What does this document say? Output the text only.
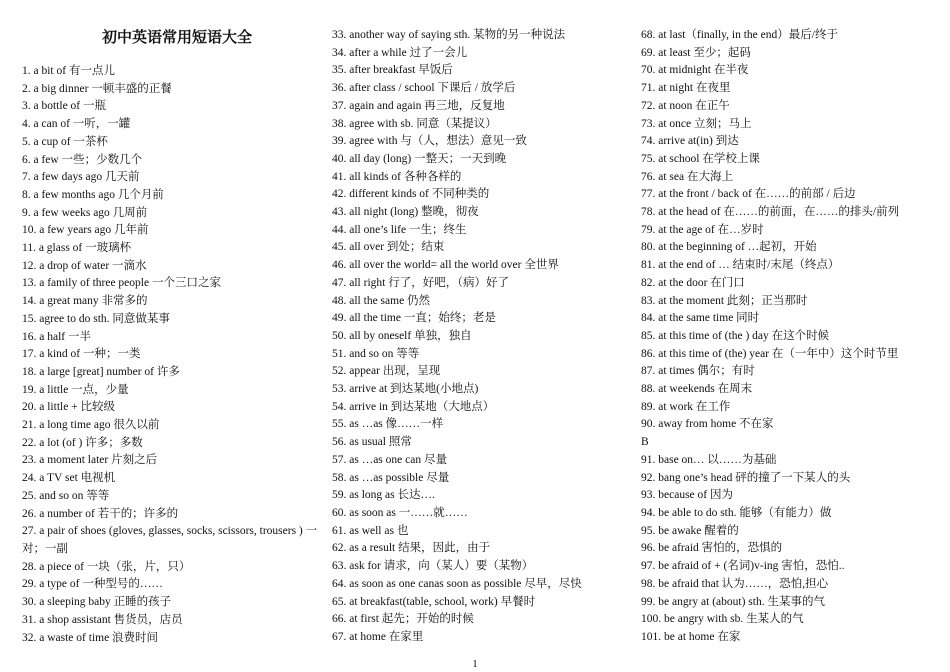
初中英语常用短语大全
1. a bit of 有一点儿
2. a big dinner 一顿丰盛的正餐
3. a bottle of 一瓶
4. a can of 一听，一罐
5. a cup of 一茶杯
6. a few 一些；少数几个
7. a few days ago 几天前
8. a few months ago 几个月前
9. a few weeks ago 几周前
10. a few years ago 几年前
11. a glass of 一玻璃杯
12. a drop of water 一滴水
13. a family of three people 一个三口之家
14. a great many 非常多的
15. agree to do sth. 同意做某事
16. a half 一半
17. a kind of 一种；一类
18. a large [great] number of 许多
19. a little 一点，少量
20. a little + 比较级
21. a long time ago 很久以前
22. a lot (of ) 许多；多数
23. a moment later 片刻之后
24. a TV set 电视机
25. and so on 等等
26. a number of 若干的；许多的
27. a pair of shoes (gloves, glasses, socks, scissors, trousers ) 一对；一副
28. a piece of 一块（张，片，只）
29. a type of 一种型号的……
30. a sleeping baby 正睡的孩子
31. a shop assistant 售货员，店员
32. a waste of time 浪费时间
33. another way of saying sth. 某物的另一种说法
34. after a while 过了一会儿
35. after breakfast 早饭后
36. after class / school 下课后 / 放学后
37. again and again 再三地，反复地
38. agree with sb. 同意（某提议）
39. agree with 与（人，想法）意见一致
40. all day (long) 一整天；一天到晚
41. all kinds of 各种各样的
42. different kinds of 不同种类的
43. all night (long) 整晚，彻夜
44. all one’s life 一生；终生
45. all over 到处；结束
46. all over the world= all the world over 全世界
47. all right 行了，好吧，（病）好了
48. all the same 仍然
49. all the time 一直；始终；老是
50. all by oneself 单独，独自
51. and so on 等等
52. appear 出现，呈现
53. arrive at 到达某地(小地点)
54. arrive in 到达某地（大地点）
55. as …as 像……一样
56. as usual 照常
57. as …as one can 尽量
58. as …as possible 尽量
59. as long as 长达….
60. as soon as 一……就……
61. as well as 也
62. as a result 结果，因此，由于
63. ask for 请求，向（某人）要（某物）
64. as soon as one canas soon as possible 尽早，尽快
65. at breakfast(table, school, work) 早餐时
66. at first 起先；开始的时候
67. at home 在家里
68. at last（finally, in the end）最后/终于
69. at least 至少；起码
70. at midnight 在半夜
71. at night 在夜里
72. at noon 在正午
73. at once 立刻；马上
74. arrive at(in) 到达
75. at school 在学校上课
76. at sea 在大海上
77. at the front / back of 在……的前部 / 后边
78. at the head of 在……的前面，在……的排头/前列
79. at the age of 在…岁时
80. at the beginning of …起初，开始
81. at the end of … 结束时/末尾（终点）
82. at the door 在门口
83. at the moment 此刻；正当那时
84. at the same time 同时
85. at this time of (the ) day 在这个时候
86. at this time of (the) year 在（一年中）这个时节里
87. at times 偶尔；有时
88. at weekends 在周末
89. at work 在工作
90. away from home 不在家
B
91. base on… 以……为基础
92. bang one’s head 砰的撞了一下某人的头
93. because of 因为
94. be able to do sth. 能够（有能力）做
95. be awake 醒着的
96. be afraid 害怕的，恐惧的
97. be afraid of + (名词)v-ing 害怕，恐怕..
98. be afraid that 认为……，恐怕,担心
99. be angry at (about) sth. 生某事的气
100. be angry with sb. 生某人的气
101. be at home 在家
1
